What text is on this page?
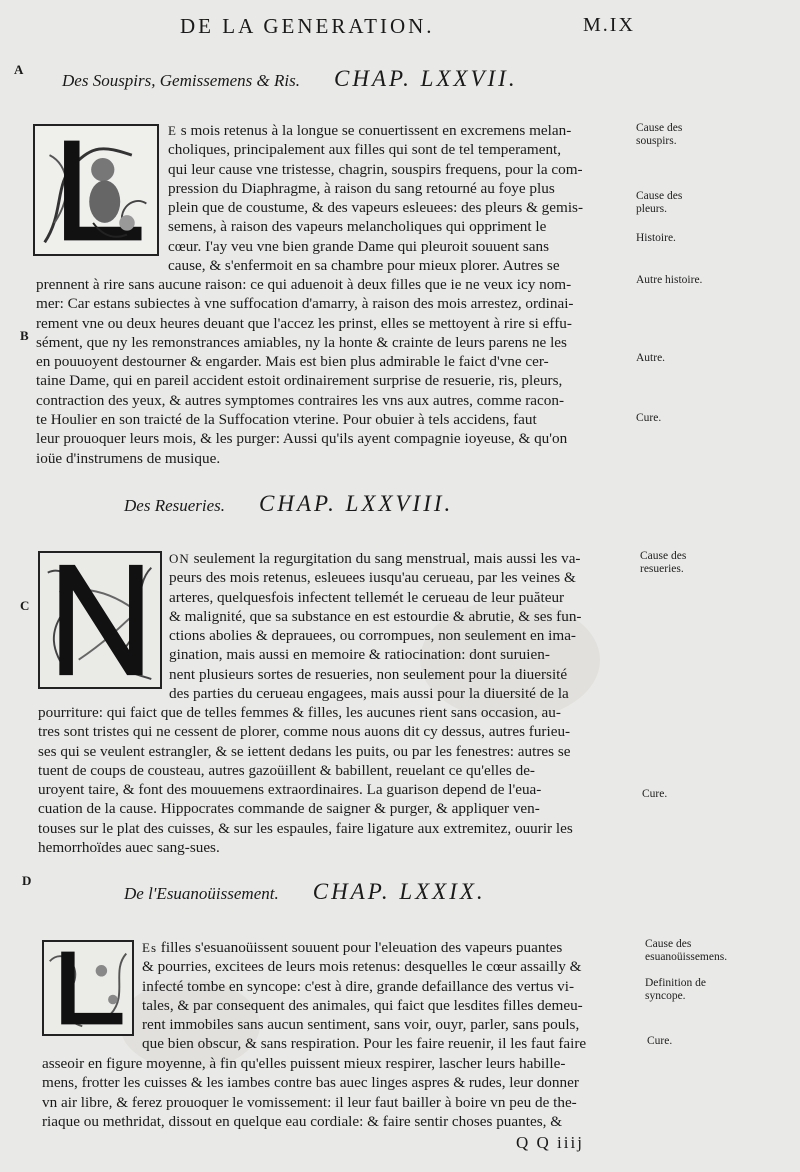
DE LA GENERATION.	M.IX
A
B
C
D
Des Souspirs, Gemissemens & Ris. CHAP. LXXVII.

E s mois retenus à la longue se conuertissent en excremens melan-

choliques, principalement aux filles qui sont de tel temperament,

qui leur cause vne tristesse, chagrin, souspirs frequens, pour la com-

pression du Diaphragme, à raison du sang retourné au foye plus

plein que de coustume, & des vapeurs esleuees: des pleurs & gemis-

semens, à raison des vapeurs melancholiques qui oppriment le

cœur. I'ay veu vne bien grande Dame qui pleuroit souuent sans

cause, & s'enfermoit en sa chambre pour mieux plorer. Autres se

prennent à rire sans aucune raison: ce qui aduenoit à deux filles que ie ne veux icy nom-

mer: Car estans subiectes à vne suffocation d'amarry, à raison des mois arrestez, ordinai-

rement vne ou deux heures deuant que l'accez les prinst, elles se mettoyent à rire si effu-

sément, que ny les remonstrances amiables, ny la honte & crainte de leurs parens ne les

en pouuoyent destourner & engarder. Mais est bien plus admirable le faict d'vne cer-

taine Dame, qui en pareil accident estoit ordinairement surprise de resuerie, ris, pleurs,

contraction des yeux, & autres symptomes contraires les vns aux autres, comme racon-

te Houlier en son traicté de la Suffocation vterine. Pour obuier à tels accidens, faut

leur prouoquer leurs mois, & les purger: Aussi qu'ils ayent compagnie ioyeuse, & qu'on

ioüe d'instrumens de musique.

Cause des souspirs.
Cause des pleurs.
Histoire.
Autre histoire.
Autre.
Cure.
Des Resueries. CHAP. LXXVIII.

ON seulement la regurgitation du sang menstrual, mais aussi les va-

peurs des mois retenus, esleuees iusqu'au cerueau, par les veines &

arteres, quelquesfois infectent tellemét le cerueau de leur puăteur

& malignité, que sa substance en est estourdie & abrutie, & ses fun-

ctions abolies & deprauees, ou corrompues, non seulement en ima-

gination, mais aussi en memoire & ratiocination: dont suruien-

nent plusieurs sortes de resueries, non seulement pour la diuersité

des parties du cerueau engagees, mais aussi pour la diuersité de la

pourriture: qui faict que de telles femmes & filles, les aucunes rient sans occasion, au-

tres sont tristes qui ne cessent de plorer, comme nous auons dit cy dessus, autres furieu-

ses qui se veulent estrangler, & se iettent dedans les puits, ou par les fenestres: autres se

tuent de coups de cousteau, autres gazoüillent & babillent, reuelant ce qu'elles de-

uroyent taire, & font des mouuemens extraordinaires. La guarison depend de l'eua-

cuation de la cause. Hippocrates commande de saigner & purger, & appliquer ven-

touses sur le plat des cuisses, & sur les espaules, faire ligature aux extremitez, ouurir les

hemorrhoïdes auec sang-sues.

Cause des resueries.
Cure.
De l'Esuanoüissement. CHAP. LXXIX.

Es filles s'esuanoüissent souuent pour l'eleuation des vapeurs puantes

& pourries, excitees de leurs mois retenus: desquelles le cœur assailly &

infecté tombe en syncope: c'est à dire, grande defaillance des vertus vi-

tales, & par consequent des animales, qui faict que lesdites filles demeu-

rent immobiles sans aucun sentiment, sans voir, ouyr, parler, sans pouls,

que bien obscur, & sans respiration. Pour les faire reuenir, il les faut faire

asseoir en figure moyenne, à fin qu'elles puissent mieux respirer, lascher leurs habille-

mens, frotter les cuisses & les iambes contre bas auec linges aspres & rudes, leur donner

vn air libre, & ferez prouoquer le vomissement: il leur faut bailler à boire vn peu de the-

riaque ou methridat, dissout en quelque eau cordiale: & faire sentir choses puantes, &

Cause des esuanoüissemens.
Definition de syncope.
Cure.
Q Q iiij
